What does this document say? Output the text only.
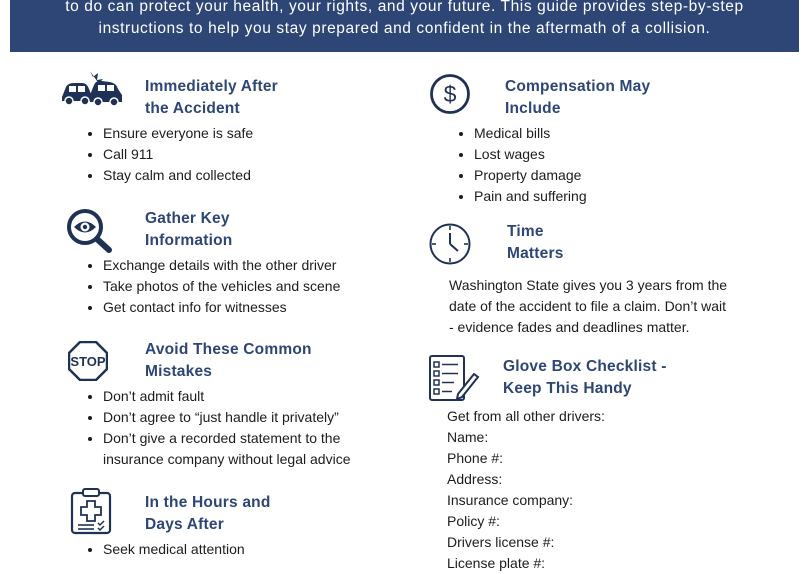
to do can protect your health, your rights, and your future. This guide provides step-by-step
instructions to help you stay prepared and confident in the aftermath of a collision.
Immediately After
the Accident
• Ensure everyone is safe
• Call 911
• Stay calm and collected
Gather Key
Information
• Exchange details with the other driver
• Take photos of the vehicles and scene
• Get contact info for witnesses
STOP
Avoid These Common
Mistakes
• Don’t admit fault
• Don’t agree to “just handle it privately”
• Don’t give a recorded statement to the
insurance company without legal advice
In the Hours and
Days After
• Seek medical attention
$	Compensation May
Include
• Medical bills
• Lost wages
• Property damage
• Pain and suffering
Time
Matters
Washington State gives you 3 years from the
date of the accident to file a claim. Don’t wait
- evidence fades and deadlines matter.
Glove Box Checklist -
Keep This Handy
Get from all other drivers:
Name:
Phone #:
Address:
Insurance company:
Policy #:
Drivers license #:
License plate #:
